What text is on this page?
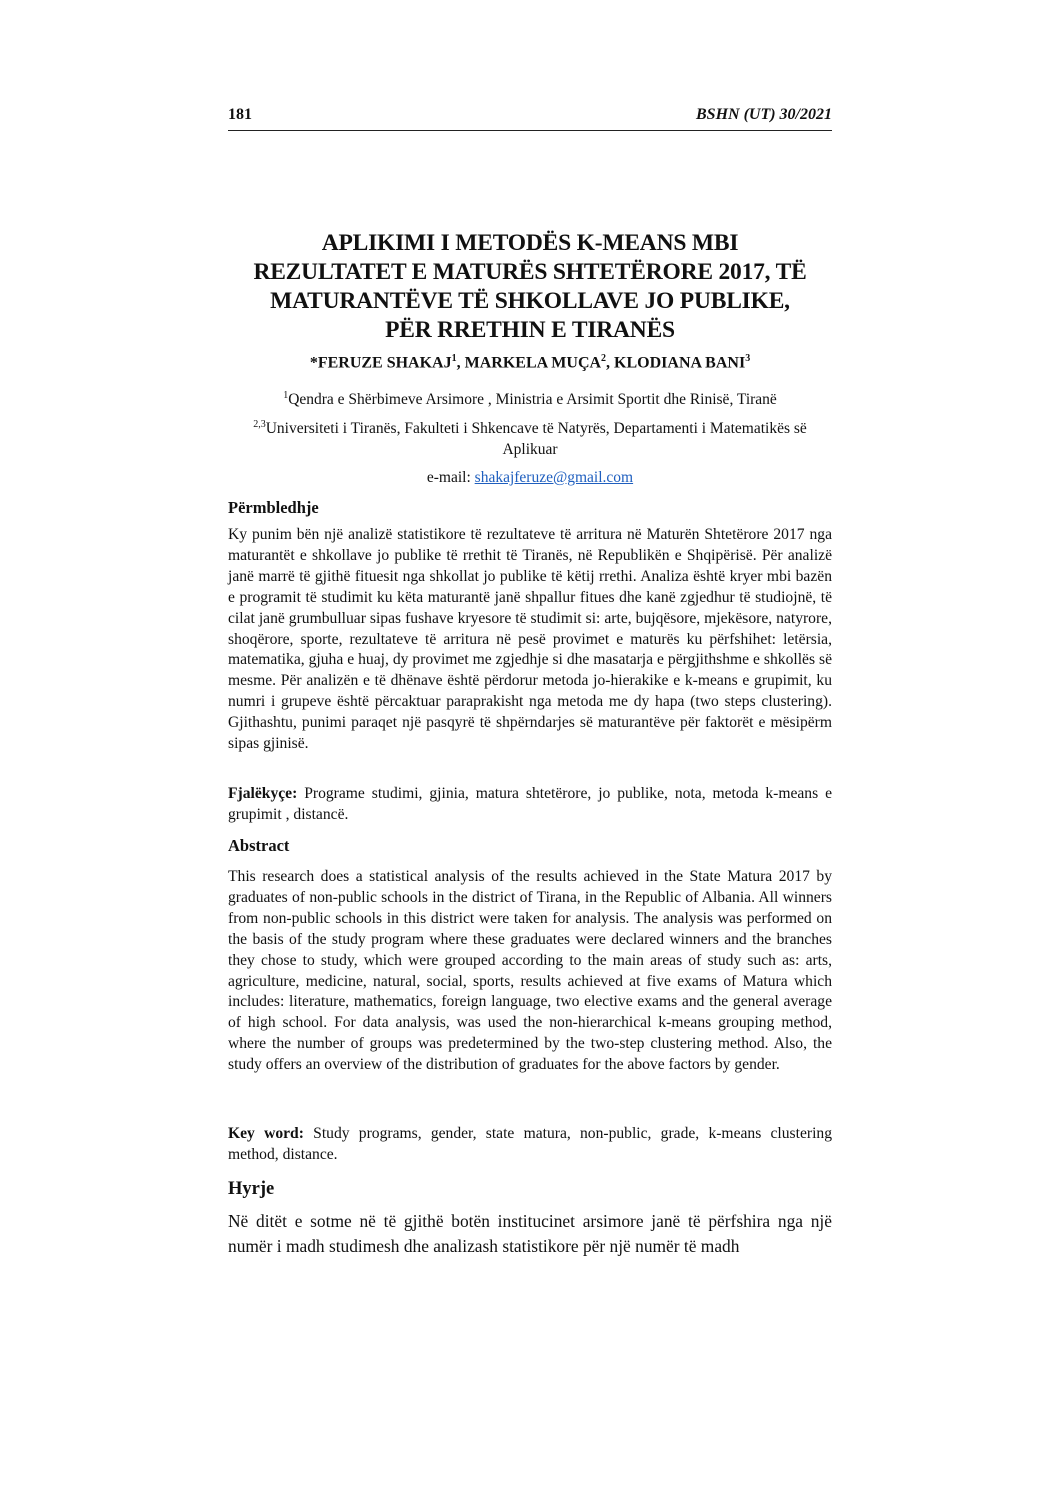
181	BSHN (UT) 30/2021
APLIKIMI I METODËS K-MEANS MBI
REZULTATET E MATURËS SHTETËRORE 2017, TË
MATURANTËVE TË SHKOLLAVE JO PUBLIKE,
PËR RRETHIN E TIRANËS
*FERUZE SHAKAJ$^1$, MARKELA MUÇA$^2$, KLODIANA BANI$^3$
$^1$Qendra e Shërbimeve Arsimore , Ministria e Arsimit Sportit dhe Rinisë, Tiranë
$^{2,3}$Universiteti i Tiranës, Fakulteti i Shkencave të Natyrës, Departamenti i Matematikës së Aplikuar
e-mail: shakajferuze@gmail.com
Përmbledhje
Ky punim bën një analizë statistikore të rezultateve të arritura në Maturën Shtetërore 2017 nga maturantët e shkollave jo publike të rrethit të Tiranës, në Republikën e Shqipërisë. Për analizë janë marrë të gjithë fituesit nga shkollat jo publike të këtij rrethi. Analiza është kryer mbi bazën e programit të studimit ku këta maturantë janë shpallur fitues dhe kanë zgjedhur të studiojnë, të cilat janë grumbulluar sipas fushave kryesore të studimit si: arte, bujqësore, mjekësore, natyrore, shoqërore, sporte, rezultateve të arritura në pesë provimet e maturës ku përfshihet: letërsia, matematika, gjuha e huaj, dy provimet me zgjedhje si dhe masatarja e përgjithshme e shkollës së mesme. Për analizën e të dhënave është përdorur metoda jo-hierakike e k-means e grupimit, ku numri i grupeve është përcaktuar paraprakisht nga metoda me dy hapa (two steps clustering). Gjithashtu, punimi paraqet një pasqyrë të shpërndarjes së maturantëve për faktorët e mësipërm sipas gjinisë.
Fjalëkyçe: Programe studimi, gjinia, matura shtetërore, jo publike, nota, metoda k-means e grupimit , distancë.
Abstract
This research does a statistical analysis of the results achieved in the State Matura 2017 by graduates of non-public schools in the district of Tirana, in the Republic of Albania. All winners from non-public schools in this district were taken for analysis. The analysis was performed on the basis of the study program where these graduates were declared winners and the branches they chose to study, which were grouped according to the main areas of study such as: arts, agriculture, medicine, natural, social, sports, results achieved at five exams of Matura which includes: literature, mathematics, foreign language, two elective exams and the general average of high school. For data analysis, was used the non-hierarchical k-means grouping method, where the number of groups was predetermined by the two-step clustering method. Also, the study offers an overview of the distribution of graduates for the above factors by gender.
Key word: Study programs, gender, state matura, non-public, grade, k-means clustering method, distance.
Hyrje
Në ditët e sotme në të gjithë botën institucinet arsimore janë të përfshira nga një numër i madh studimesh dhe analizash statistikore për një numër të madh
